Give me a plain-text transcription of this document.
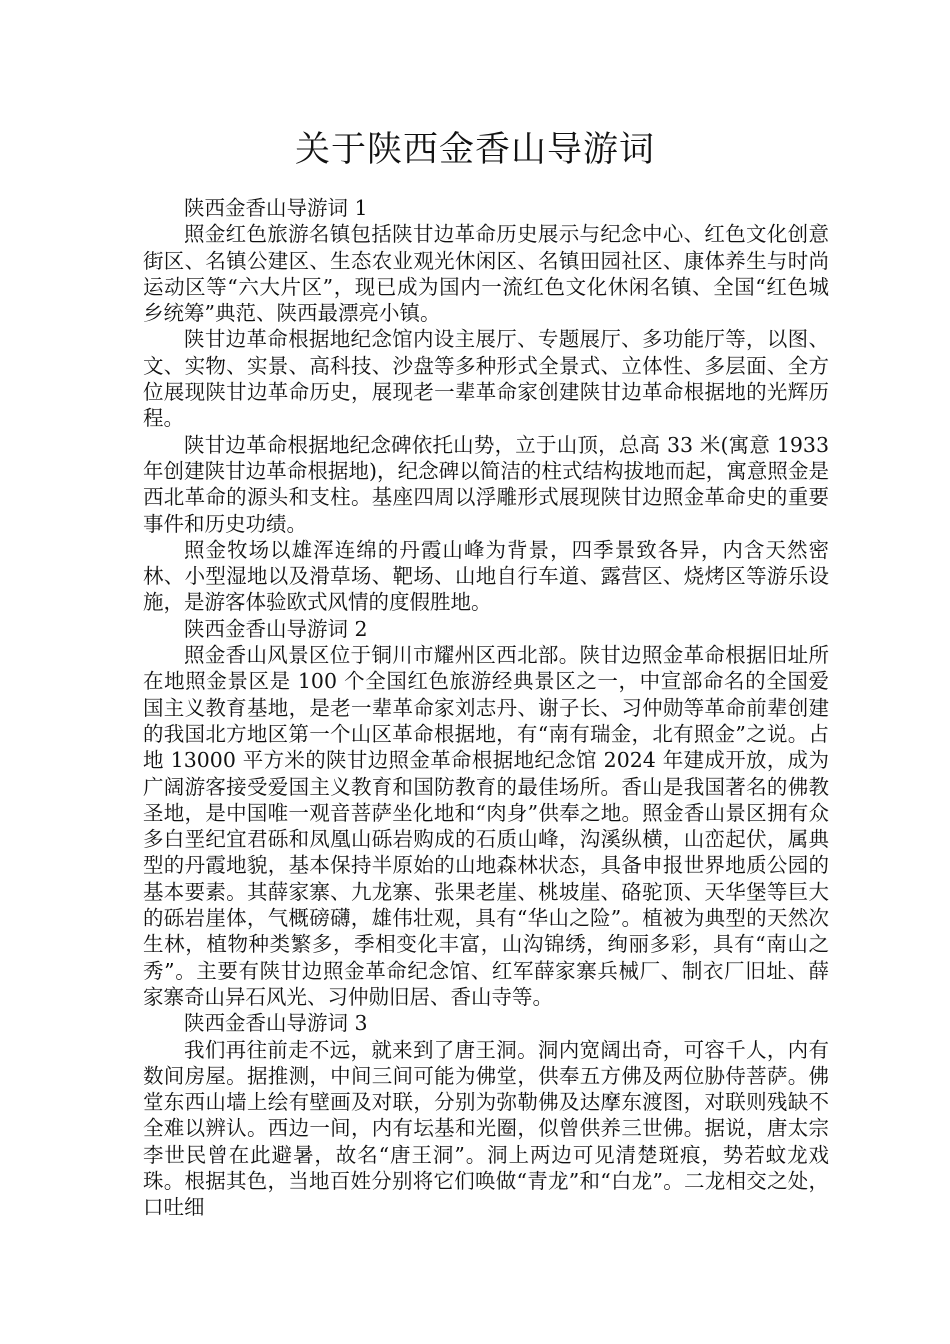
关于陕西金香山导游词
陕西金香山导游词 1

照金红色旅游名镇包括陕甘边革命历史展示与纪念中心、红色文化创意街区、名镇公建区、生态农业观光休闲区、名镇田园社区、康体养生与时尚运动区等“六大片区”，现已成为国内一流红色文化休闲名镇、全国“红色城乡统筹”典范、陕西最漂亮小镇。

陕甘边革命根据地纪念馆内设主展厅、专题展厅、多功能厅等，以图、文、实物、实景、高科技、沙盘等多种形式全景式、立体性、多层面、全方位展现陕甘边革命历史，展现老一辈革命家创建陕甘边革命根据地的光辉历程。

陕甘边革命根据地纪念碑依托山势，立于山顶，总高 33 米(寓意 1933 年创建陕甘边革命根据地)，纪念碑以简洁的柱式结构拔地而起，寓意照金是西北革命的源头和支柱。基座四周以浮雕形式展现陕甘边照金革命史的重要事件和历史功绩。

照金牧场以雄浑连绵的丹霞山峰为背景，四季景致各异，内含天然密林、小型湿地以及滑草场、靶场、山地自行车道、露营区、烧烤区等游乐设施，是游客体验欧式风情的度假胜地。

陕西金香山导游词 2

照金香山风景区位于铜川市耀州区西北部。陕甘边照金革命根据旧址所在地照金景区是 100 个全国红色旅游经典景区之一，中宣部命名的全国爱国主义教育基地，是老一辈革命家刘志丹、谢子长、习仲勋等革命前辈创建的我国北方地区第一个山区革命根据地，有“南有瑞金，北有照金”之说。占地 13000 平方米的陕甘边照金革命根据地纪念馆 2024 年建成开放，成为广阔游客接受爱国主义教育和国防教育的最佳场所。香山是我国著名的佛教圣地，是中国唯一观音菩萨坐化地和“肉身”供奉之地。照金香山景区拥有众多白垩纪宜君砾和凤凰山砾岩购成的石质山峰，沟溪纵横，山峦起伏，属典型的丹霞地貌，基本保持半原始的山地森林状态，具备申报世界地质公园的基本要素。其薛家寨、九龙寨、张果老崖、桃坡崖、硌驼顶、天华堡等巨大的砾岩崖体，气概磅礴，雄伟壮观，具有“华山之险”。植被为典型的天然次生林，植物种类繁多，季相变化丰富，山沟锦绣，绚丽多彩，具有“南山之秀”。主要有陕甘边照金革命纪念馆、红军薛家寨兵械厂、制衣厂旧址、薛家寨奇山异石风光、习仲勋旧居、香山寺等。

陕西金香山导游词 3

我们再往前走不远，就来到了唐王洞。洞内宽阔出奇，可容千人，内有数间房屋。据推测，中间三间可能为佛堂，供奉五方佛及两位胁侍菩萨。佛堂东西山墙上绘有壁画及对联，分别为弥勒佛及达摩东渡图，对联则残缺不全难以辨认。西边一间，内有坛基和光圈，似曾供养三世佛。据说，唐太宗李世民曾在此避暑，故名“唐王洞”。洞上两边可见清楚斑痕，势若蚊龙戏珠。根据其色，当地百姓分别将它们唤做“青龙”和“白龙”。二龙相交之处，口吐细
